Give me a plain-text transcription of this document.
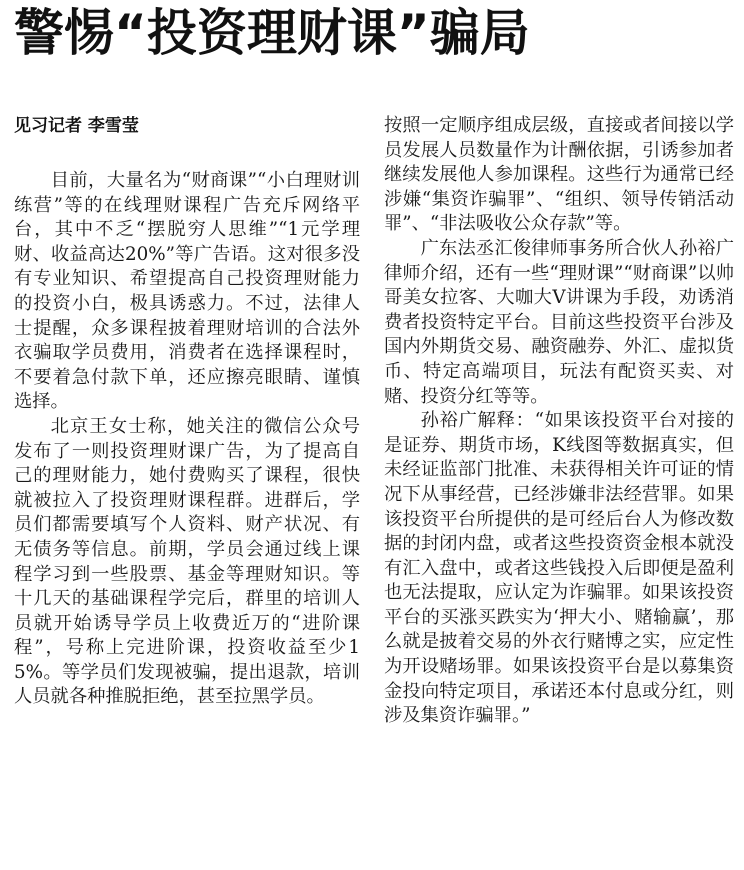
警惕“投资理财课”骗局
见习记者 李雪莹

目前，大量名为“财商课”“小白理财训练营”等的在线理财课程广告充斥网络平台，其中不乏“摆脱穷人思维”“1元学理财、收益高达20%”等广告语。这对很多没有专业知识、希望提高自己投资理财能力的投资小白，极具诱惑力。不过，法律人士提醒，众多课程披着理财培训的合法外衣骗取学员费用，消费者在选择课程时，不要着急付款下单，还应擦亮眼睛、谨慎选择。

北京王女士称，她关注的微信公众号发布了一则投资理财课广告，为了提高自己的理财能力，她付费购买了课程，很快就被拉入了投资理财课程群。进群后，学员们都需要填写个人资料、财产状况、有无债务等信息。前期，学员会通过线上课程学习到一些股票、基金等理财知识。等十几天的基础课程学完后，群里的培训人员就开始诱导学员上收费近万的“进阶课程”，号称上完进阶课，投资收益至少15%。等学员们发现被骗，提出退款，培训人员就各种推脱拒绝，甚至拉黑学员。

按照一定顺序组成层级，直接或者间接以学员发展人员数量作为计酬依据，引诱参加者继续发展他人参加课程。这些行为通常已经涉嫌“集资诈骗罪”、“组织、领导传销活动罪”、“非法吸收公众存款”等。

广东法丞汇俊律师事务所合伙人孙裕广律师介绍，还有一些“理财课”“财商课”以帅哥美女拉客、大咖大V讲课为手段，劝诱消费者投资特定平台。目前这些投资平台涉及国内外期货交易、融资融券、外汇、虚拟货币、特定高端项目，玩法有配资买卖、对赌、投资分红等等。

孙裕广解释：“如果该投资平台对接的是证券、期货市场，K线图等数据真实，但未经证监部门批准、未获得相关许可证的情况下从事经营，已经涉嫌非法经营罪。如果该投资平台所提供的是可经后台人为修改数据的封闭内盘，或者这些投资资金根本就没有汇入盘中，或者这些钱投入后即便是盈利也无法提取，应认定为诈骗罪。如果该投资平台的买涨买跌实为‘押大小、赌输赢’，那么就是披着交易的外衣行赌博之实，应定性为开设赌场罪。如果该投资平台是以募集资金投向特定项目，承诺还本付息或分红，则涉及集资诈骗罪。”
